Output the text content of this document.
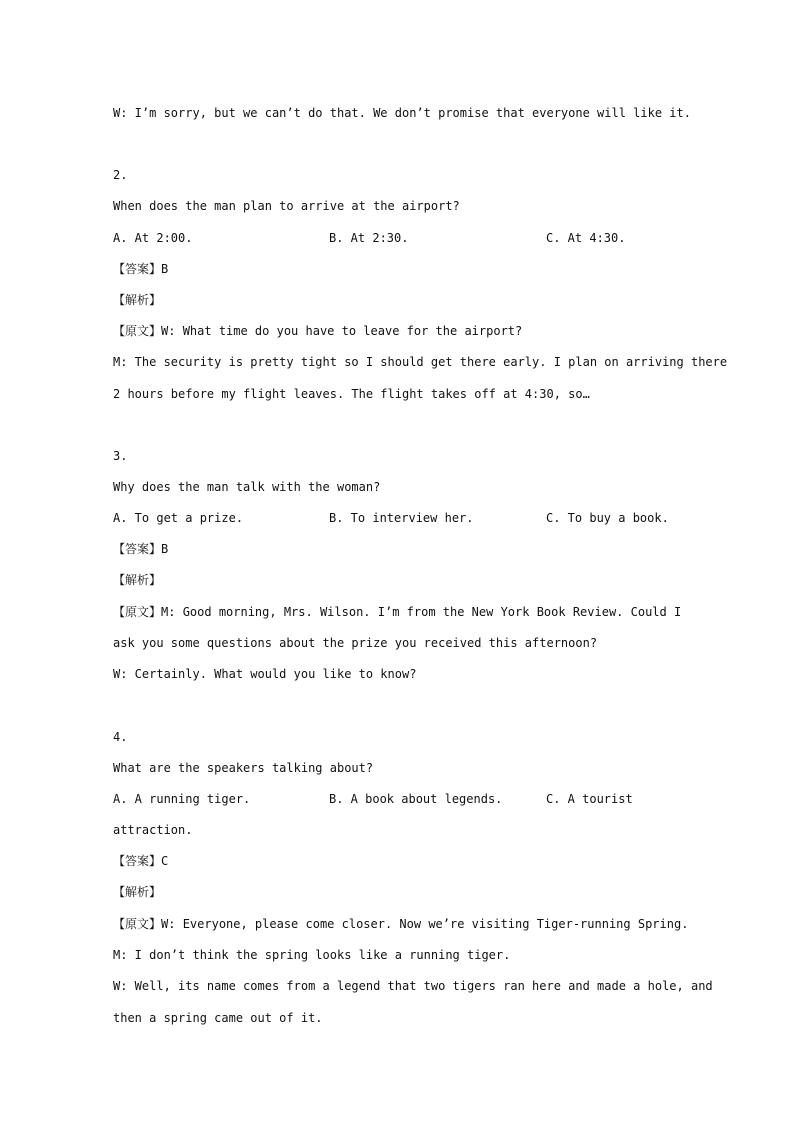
W: I’m sorry, but we can’t do that. We don’t promise that everyone will like it.

2.

When does the man plan to arrive at the airport?

A. At 2:00.	B. At 2:30.	C. At 4:30.

【答案】B

【解析】

【原文】W: What time do you have to leave for the airport?

M: The security is pretty tight so I should get there early. I plan on arriving there

2 hours before my flight leaves. The flight takes off at 4:30, so…

3.

Why does the man talk with the woman?

A. To get a prize.	B. To interview her.	C. To buy a book.

【答案】B

【解析】

【原文】M: Good morning, Mrs. Wilson. I’m from the New York Book Review. Could I

ask you some questions about the prize you received this afternoon?

W: Certainly. What would you like to know?

4.

What are the speakers talking about?

A. A running tiger.	B. A book about legends.	C. A tourist

attraction.

【答案】C

【解析】

【原文】W: Everyone, please come closer. Now we’re visiting Tiger-running Spring.

M: I don’t think the spring looks like a running tiger.

W: Well, its name comes from a legend that two tigers ran here and made a hole, and

then a spring came out of it.
